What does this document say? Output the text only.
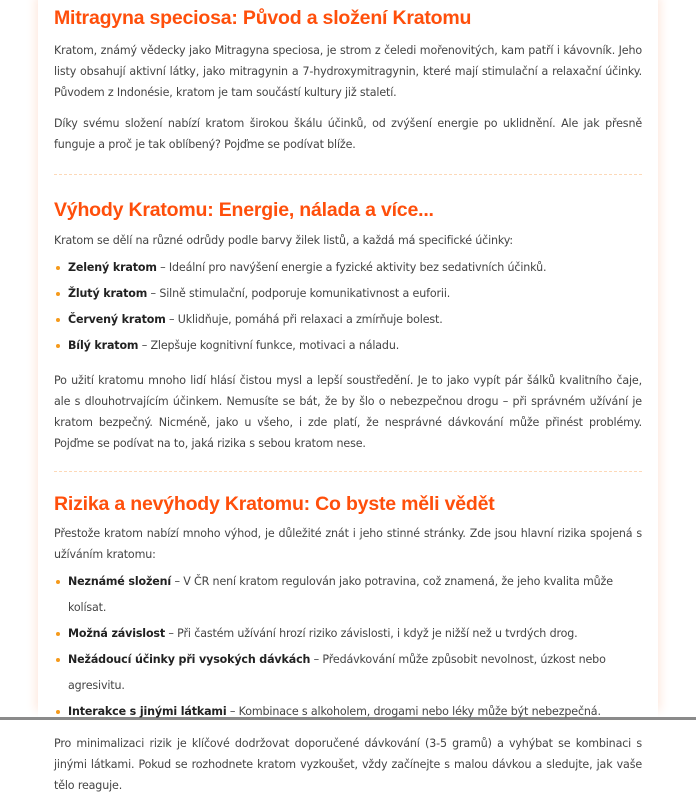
Mitragyna speciosa: Původ a složení Kratomu

Kratom, známý vědecky jako Mitragyna speciosa, je strom z čeledi mořenovitých, kam patří i kávovník. Jeho listy obsahují aktivní látky, jako mitragynin a 7-hydroxymitragynin, které mají stimulační a relaxační účinky. Původem z Indonésie, kratom je tam součástí kultury již staletí.

Díky svému složení nabízí kratom širokou škálu účinků, od zvýšení energie po uklidnění. Ale jak přesně funguje a proč je tak oblíbený? Pojďme se podívat blíže.

Výhody Kratomu: Energie, nálada a více...

Kratom se dělí na různé odrůdy podle barvy žilek listů, a každá má specifické účinky:

Zelený kratom – Ideální pro navýšení energie a fyzické aktivity bez sedativních účinků.
Žlutý kratom – Silně stimulační, podporuje komunikativnost a euforii.
Červený kratom – Uklidňuje, pomáhá při relaxaci a zmírňuje bolest.
Bílý kratom – Zlepšuje kognitivní funkce, motivaci a náladu.

Po užití kratomu mnoho lidí hlásí čistou mysl a lepší soustředění. Je to jako vypít pár šálků kvalitního čaje, ale s dlouhotrvajícím účinkem. Nemusíte se bát, že by šlo o nebezpečnou drogu – při správném užívání je kratom bezpečný. Nicméně, jako u všeho, i zde platí, že nesprávné dávkování může přinést problémy. Pojďme se podívat na to, jaká rizika s sebou kratom nese.

Rizika a nevýhody Kratomu: Co byste měli vědět

Přestože kratom nabízí mnoho výhod, je důležité znát i jeho stinné stránky. Zde jsou hlavní rizika spojená s užíváním kratomu:

Neznámé složení – V ČR není kratom regulován jako potravina, což znamená, že jeho kvalita může kolísat.
Možná závislost – Při častém užívání hrozí riziko závislosti, i když je nižší než u tvrdých drog.
Nežádoucí účinky při vysokých dávkách – Předávkování může způsobit nevolnost, úzkost nebo agresivitu.
Interakce s jinými látkami – Kombinace s alkoholem, drogami nebo léky může být nebezpečná.

Pro minimalizaci rizik je klíčové dodržovat doporučené dávkování (3-5 gramů) a vyhýbat se kombinaci s jinými látkami. Pokud se rozhodnete kratom vyzkoušet, vždy začínejte s malou dávkou a sledujte, jak vaše tělo reaguje.
